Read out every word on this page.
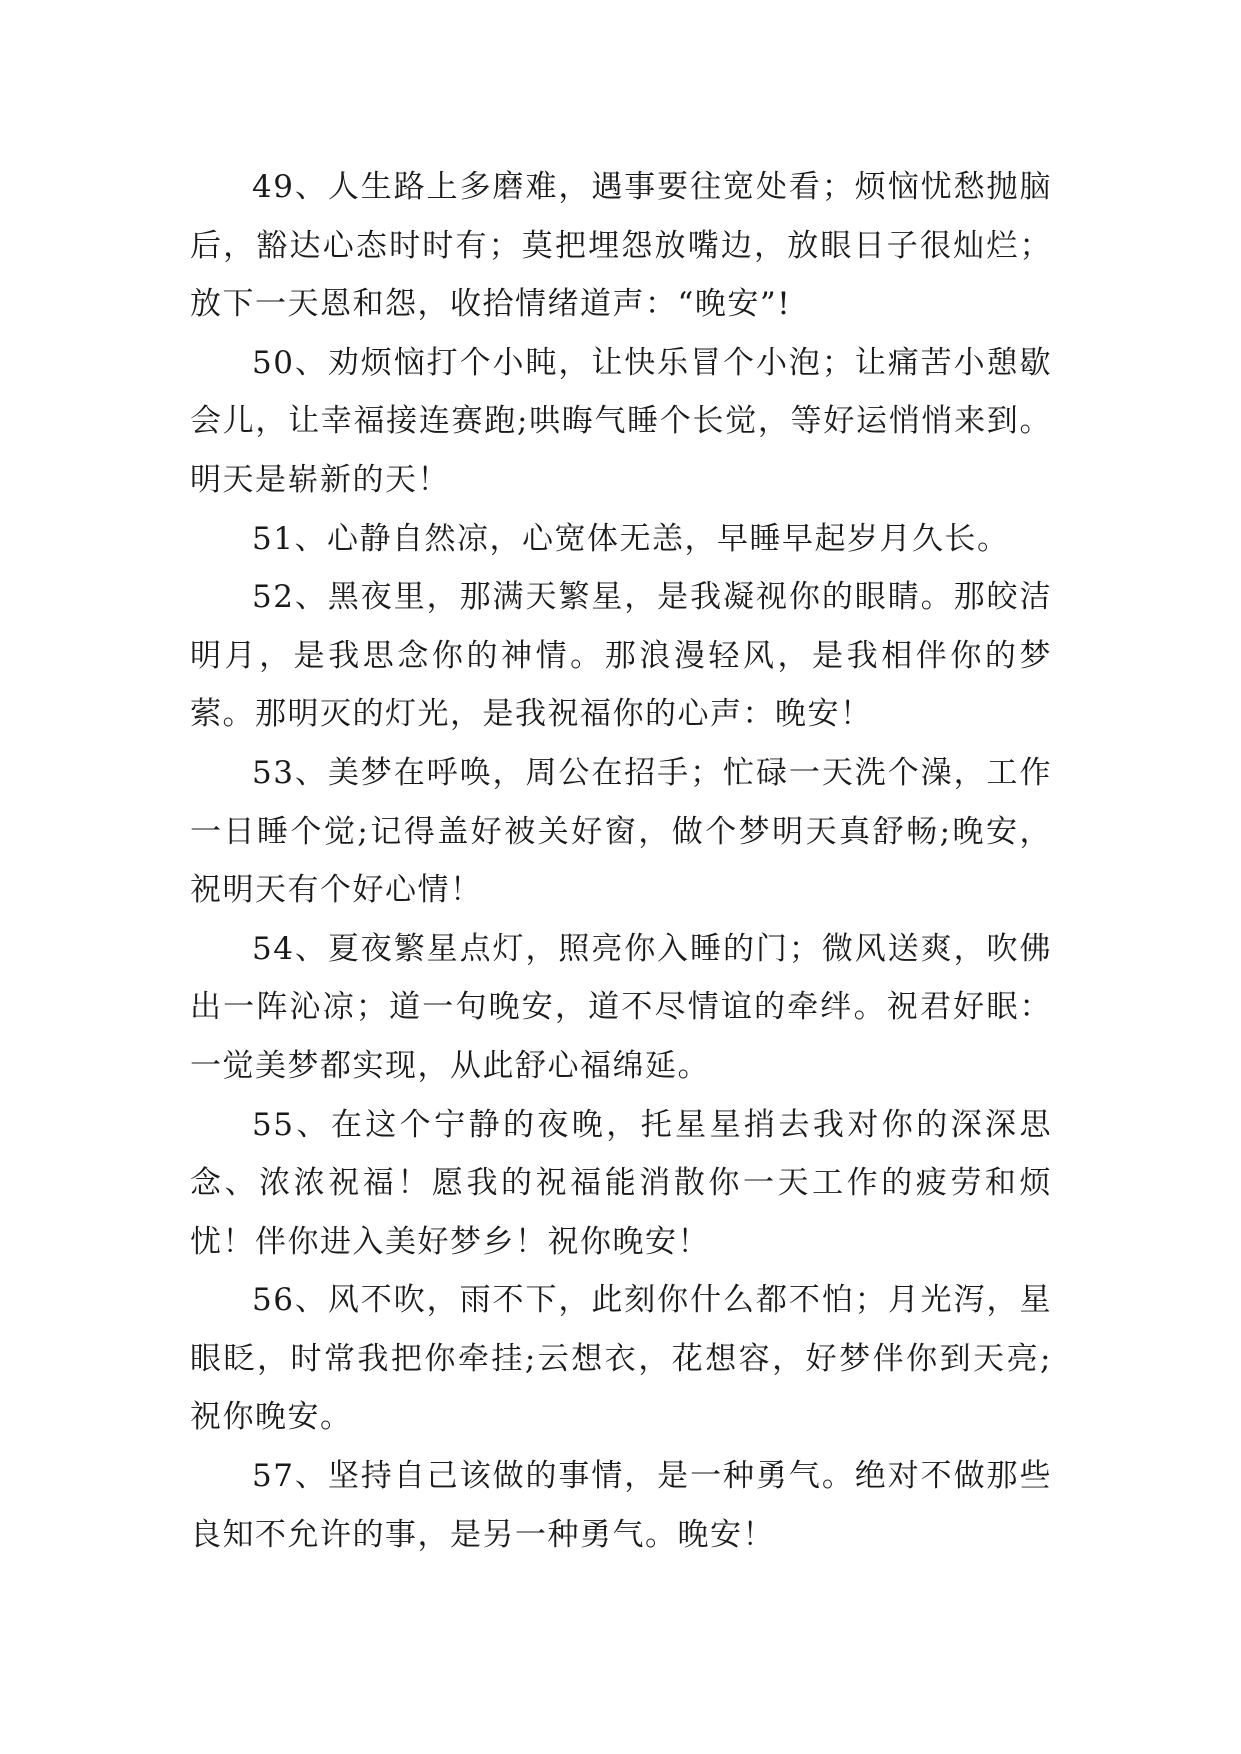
49、人生路上多磨难，遇事要往宽处看；烦恼忧愁抛脑后，豁达心态时时有；莫把埋怨放嘴边，放眼日子很灿烂；放下一天恩和怨，收拾情绪道声：“晚安”!

50、劝烦恼打个小盹，让快乐冒个小泡；让痛苦小憩歇会儿，让幸福接连赛跑;哄晦气睡个长觉，等好运悄悄来到。明天是崭新的天！

51、心静自然凉，心宽体无恙，早睡早起岁月久长。

52、黑夜里，那满天繁星，是我凝视你的眼睛。那皎洁明月，是我思念你的神情。那浪漫轻风，是我相伴你的梦萦。那明灭的灯光，是我祝福你的心声：晚安！

53、美梦在呼唤，周公在招手；忙碌一天洗个澡，工作一日睡个觉;记得盖好被关好窗，做个梦明天真舒畅;晚安，祝明天有个好心情！

54、夏夜繁星点灯，照亮你入睡的门；微风送爽，吹佛出一阵沁凉；道一句晚安，道不尽情谊的牵绊。祝君好眠：一觉美梦都实现，从此舒心福绵延。

55、在这个宁静的夜晚，托星星捎去我对你的深深思念、浓浓祝福！愿我的祝福能消散你一天工作的疲劳和烦忧！伴你进入美好梦乡！祝你晚安！

56、风不吹，雨不下，此刻你什么都不怕；月光泻，星眼眨，时常我把你牵挂;云想衣，花想容，好梦伴你到天亮;祝你晚安。

57、坚持自己该做的事情，是一种勇气。绝对不做那些良知不允许的事，是另一种勇气。晚安！
